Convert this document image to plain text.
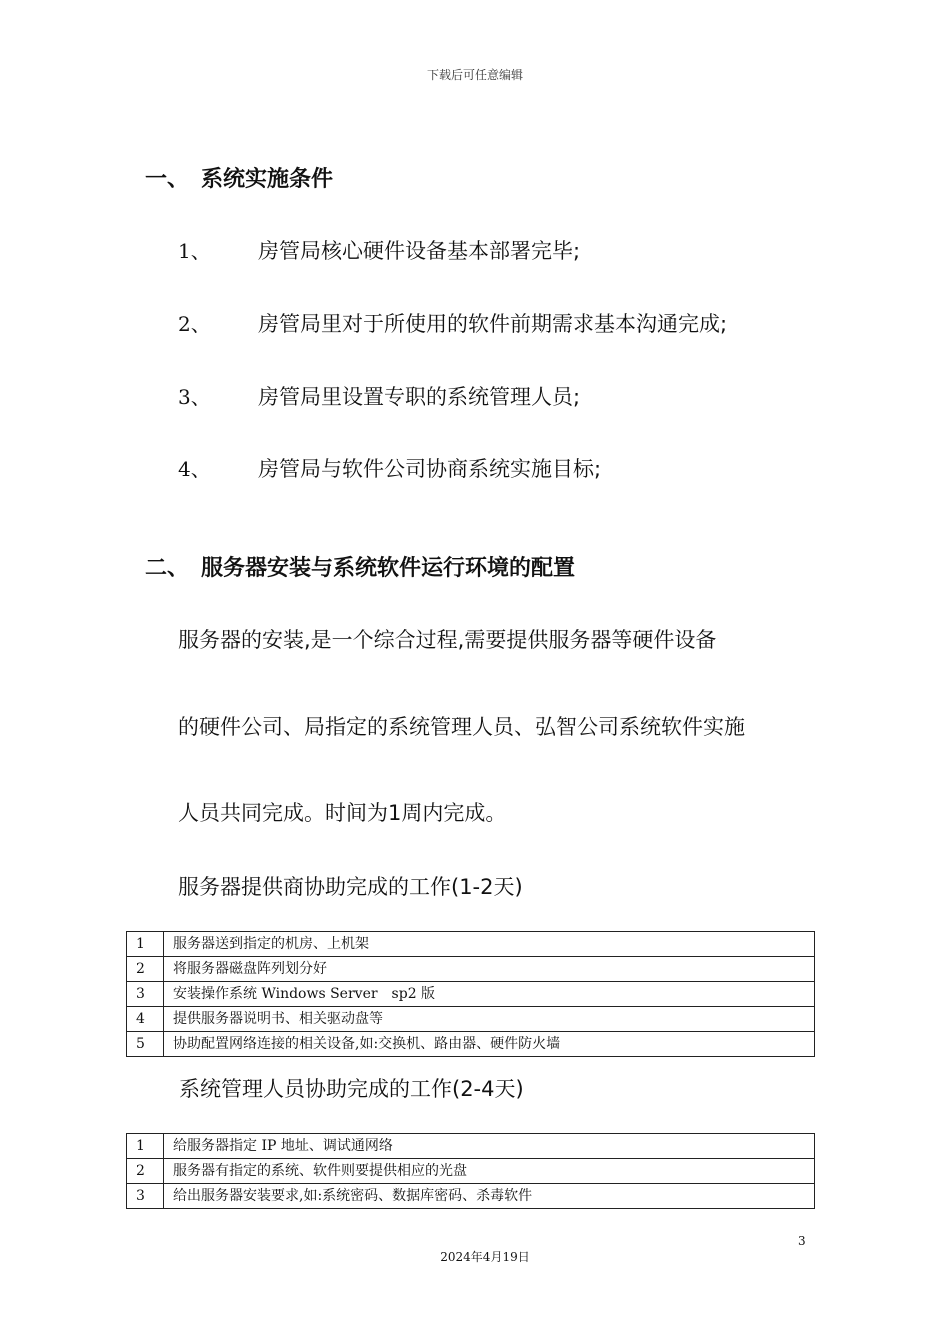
下载后可任意编辑
一、 系统实施条件
1、 房管局核心硬件设备基本部署完毕;
2、 房管局里对于所使用的软件前期需求基本沟通完成;
3、 房管局里设置专职的系统管理人员;
4、 房管局与软件公司协商系统实施目标;
二、 服务器安装与系统软件运行环境的配置
服务器的安装,是一个综合过程,需要提供服务器等硬件设备
的硬件公司、局指定的系统管理人员、弘智公司系统软件实施
人员共同完成。时间为1周内完成。
服务器提供商协助完成的工作(1-2天)
1	服务器送到指定的机房、上机架
2	将服务器磁盘阵列划分好
3	安装操作系统 Windows Server　sp2 版
4	提供服务器说明书、相关驱动盘等
5	协助配置网络连接的相关设备,如:交换机、路由器、硬件防火墙
系统管理人员协助完成的工作(2-4天)
1	给服务器指定 IP 地址、调试通网络
2	服务器有指定的系统、软件则要提供相应的光盘
3	给出服务器安装要求,如:系统密码、数据库密码、杀毒软件
3
2024年4月19日
